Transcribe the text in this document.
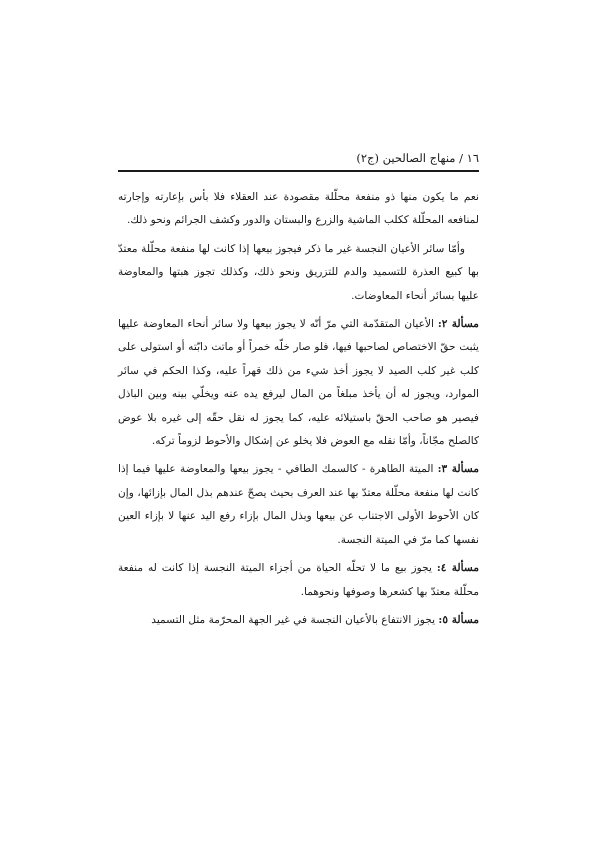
١٦ / منهاج الصالحين (ج٢)

نعم ما يكون منها ذو منفعة محلّلة مقصودة عند العقلاء فلا بأس بإعارته وإجارته لمنافعه المحلّلة ككلب الماشية والزرع والبستان والدور وكشف الجرائم ونحو ذلك.

وأمّا سائر الأعيان النجسة غير ما ذكر فيجوز بيعها إذا كانت لها منفعة محلّلة معتدّ بها كبيع العذرة للتسميد والدم للتزريق ونحو ذلك، وكذلك تجوز هبتها والمعاوضة عليها بسائر أنحاء المعاوضات.

مسألة ٢: الأعيان المتقدّمة التي مرّ أنّه لا يجوز بيعها ولا سائر أنحاء المعاوضة عليها يثبت حقّ الاختصاص لصاحبها فيها، فلو صار خلّه خمراً أو ماتت دابّته أو استولى على كلب غير كلب الصيد لا يجوز أخذ شيء من ذلك قهراً عليه، وكذا الحكم في سائر الموارد، ويجوز له أن يأخذ مبلغاً من المال ليرفع يده عنه ويخلّي بينه وبين الباذل فيصير هو صاحب الحقّ باستيلائه عليه، كما يجوز له نقل حقّه إلى غيره بلا عوض كالصلح مجّاناً، وأمّا نقله مع العوض فلا يخلو عن إشكال والأحوط لزوماً تركه.

مسألة ٣: الميتة الطاهرة - كالسمك الطافي - يجوز بيعها والمعاوضة عليها فيما إذا كانت لها منفعة محلّلة معتدّ بها عند العرف بحيث يصحّ عندهم بذل المال بإزائها، وإن كان الأحوط الأولى الاجتناب عن بيعها وبذل المال بإزاء رفع اليد عنها لا بإزاء العين نفسها كما مرّ في الميتة النجسة.

مسألة ٤: يجوز بيع ما لا تحلّه الحياة من أجزاء الميتة النجسة إذا كانت له منفعة محلّلة معتدّ بها كشعرها وصوفها ونحوهما.

مسألة ٥: يجوز الانتفاع بالأعيان النجسة في غير الجهة المحرّمة مثل التسميد
